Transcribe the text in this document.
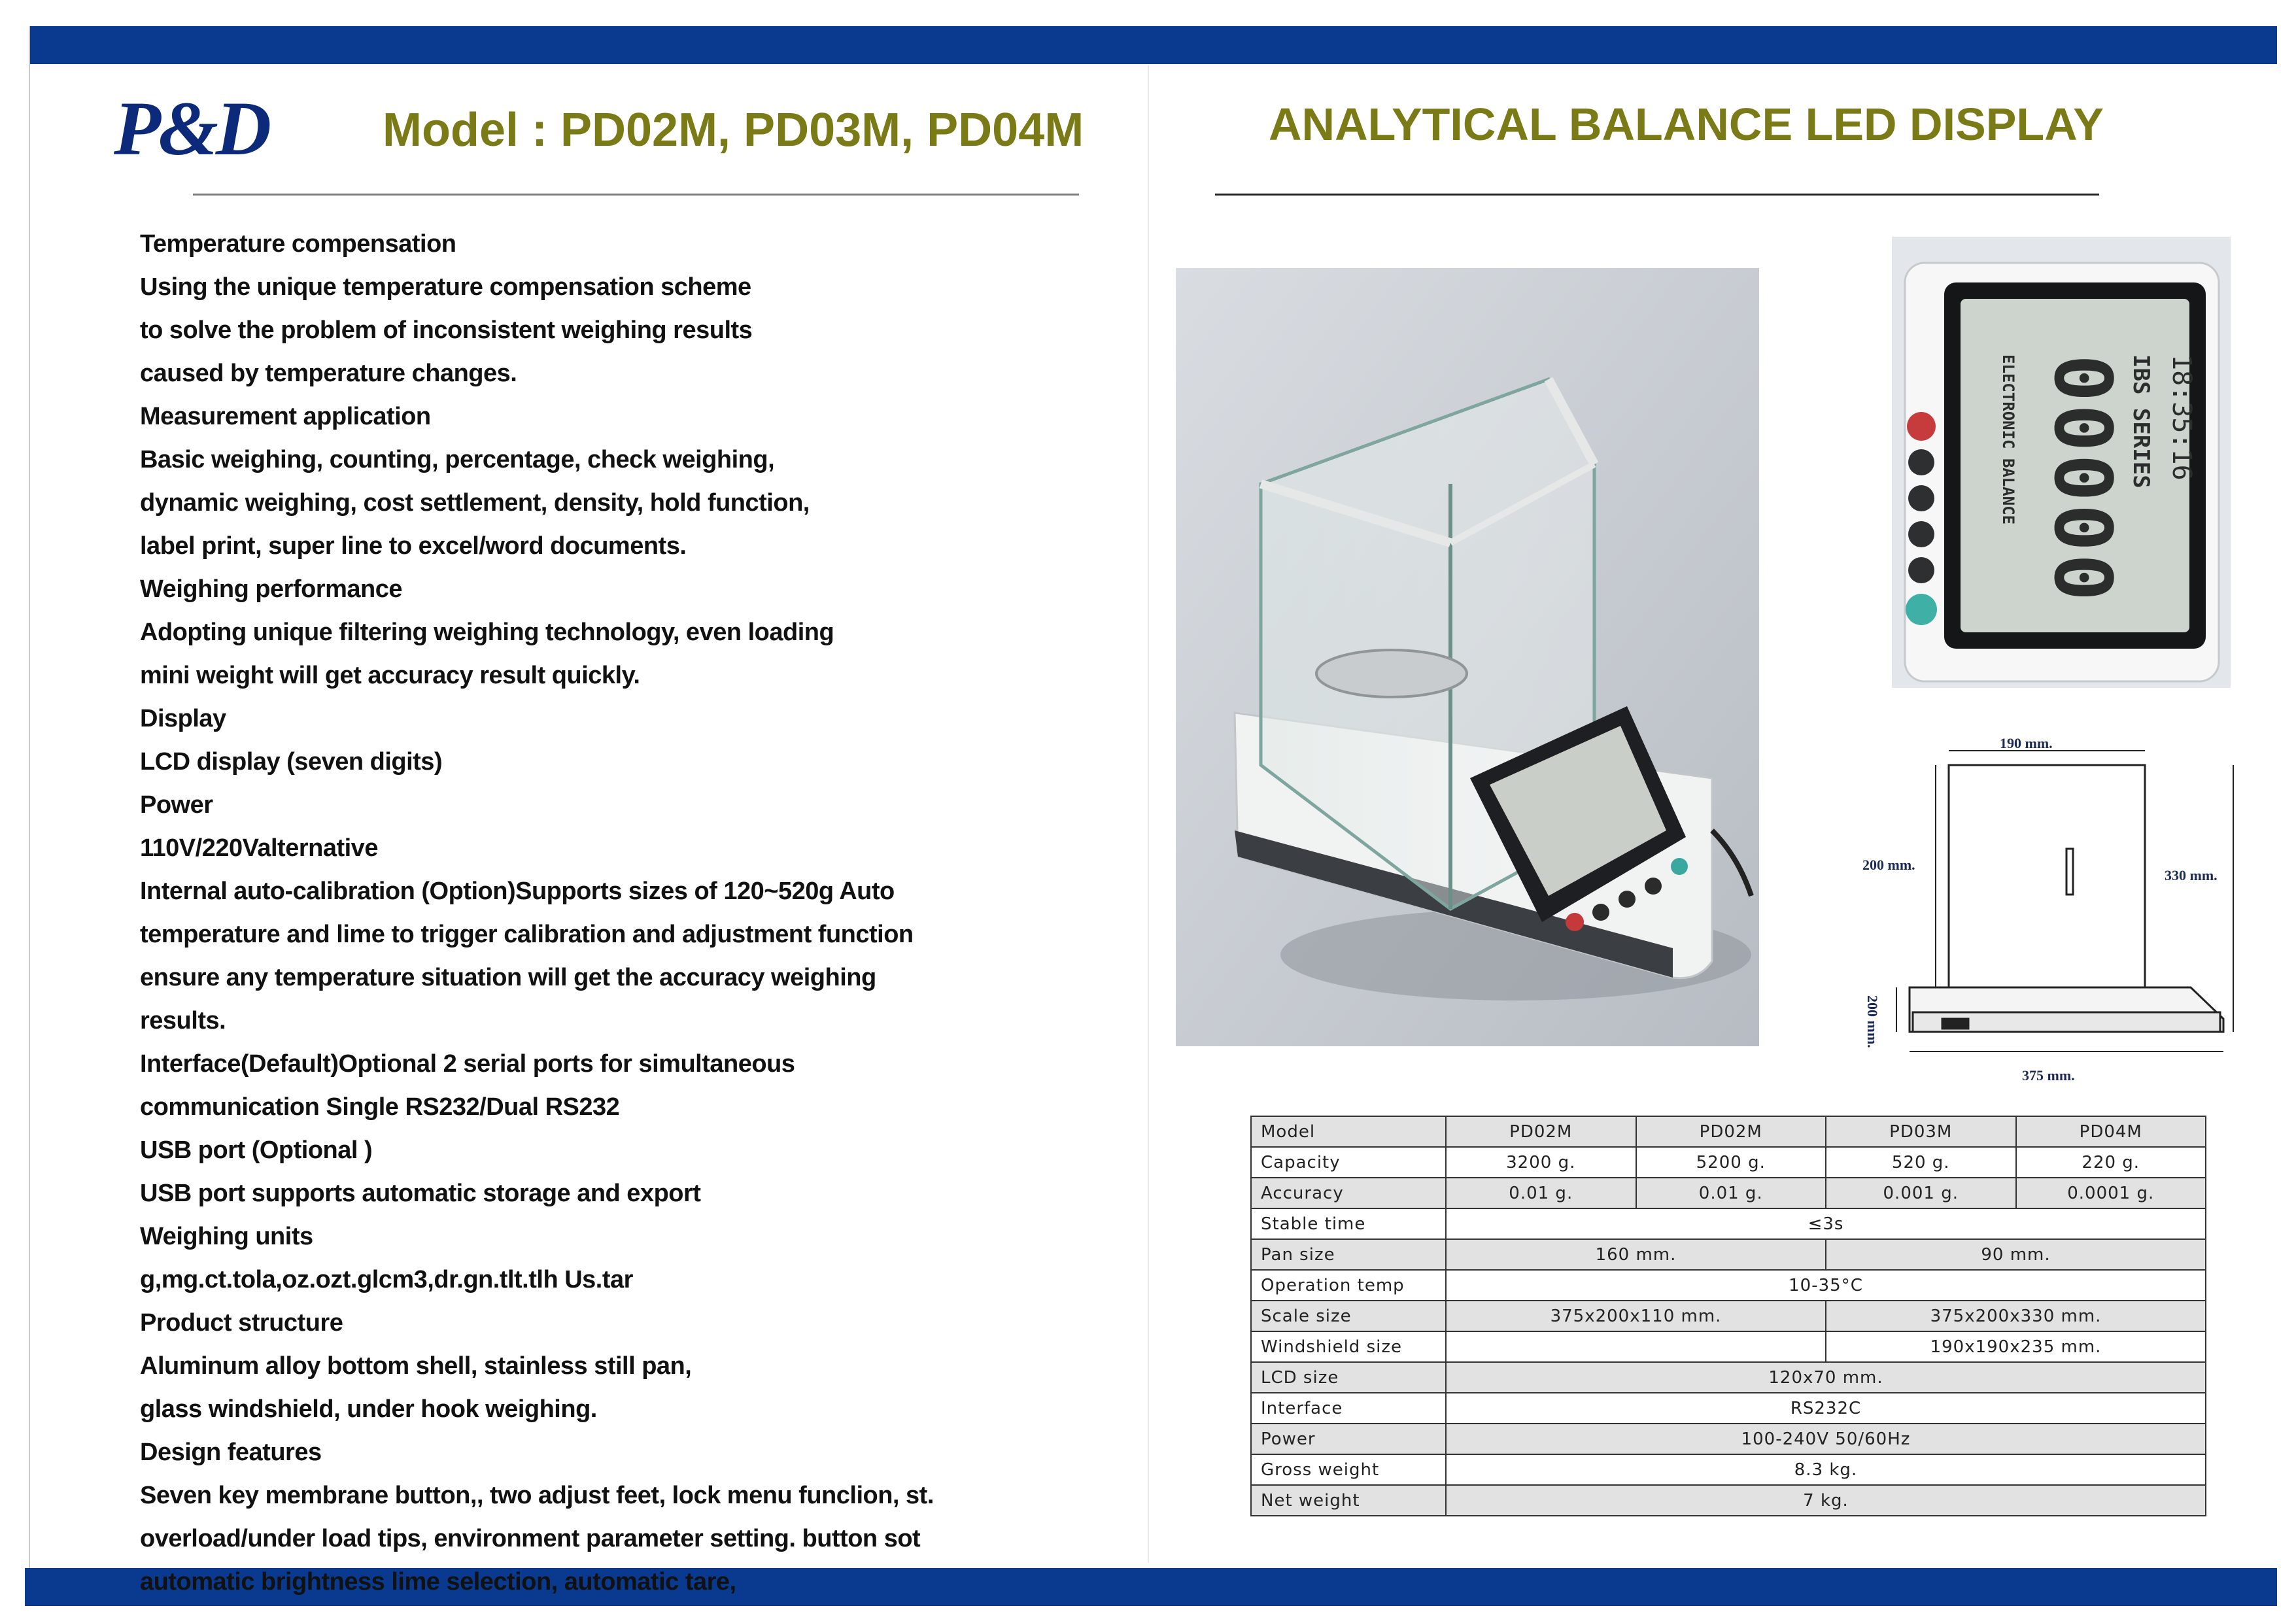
P&D Model : PD02M, PD03M, PD04M
Temperature compensation
Using the unique temperature compensation scheme
to solve the problem of inconsistent weighing results
caused by temperature changes.
Measurement application
Basic weighing, counting, percentage, check weighing,
dynamic weighing, cost settlement, density, hold function,
label print, super line to excel/word documents.
Weighing performance
Adopting unique filtering weighing technology, even loading
mini weight will get accuracy result quickly.
Display
LCD display (seven digits)
Power
110V/220Valternative
Internal auto-calibration (Option)Supports sizes of 120~520g Auto
temperature and lime to trigger calibration and adjustment function
ensure any temperature situation will get the accuracy weighing
results.
Interface(Default)Optional 2 serial ports for simultaneous
communication Single RS232/Dual RS232
USB port (Optional )
USB port supports automatic storage and export
Weighing units
g,mg.ct.tola,oz.ozt.glcm3,dr.gn.tlt.tlh Us.tar
Product structure
Aluminum alloy bottom shell, stainless still pan,
glass windshield, under hook weighing.
Design features
Seven key membrane button,, two adjust feet, lock menu funclion, st.
overload/under load tips, environment parameter setting. button sot
automatic brightness lime selection, automatic tare,
ANALYTICAL BALANCE LED DISPLAY
IBS SERIES
00000 18:35:16
ELECTRONIC BALANCE
190 mm.
200 mm.
330 mm.
200 mm.
375 mm.
Model	PD02M	PD02M	PD03M	PD04M
Capacity	3200 g.	5200 g.	520 g.	220 g.
Accuracy	0.01 g.	0.01 g.	0.001 g.	0.0001 g.
Stable time	≤3s			
Pan size	160 mm.		90 mm.	
Operation temp	10-35°C			
Scale size	375x200x110 mm.		375x200x330 mm.	
Windshield size			190x190x235 mm.	
LCD size	120x70 mm.			
Interface	RS232C			
Power	100-240V 50/60Hz			
Gross weight	8.3 kg.			
Net weight	7 kg.			
